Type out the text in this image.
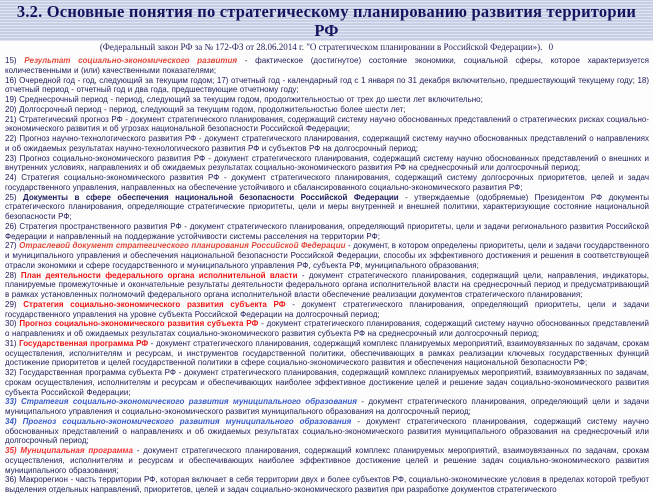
3.2. Основные понятия по стратегическому планированию развития территории РФ
(Федеральный закон РФ за № 172-ФЗ от 28.06.2014 г. "О стратегическом планировании в Российской Федерации»). 0

15) Результат социально-экономического развития - фактическое (достигнутое) состояние экономики, социальной сферы, которое характеризуется количественными и (или) качественными показателями;

16) Очередной год - год, следующий за текущим годом; 17) отчетный год - календарный год с 1 января по 31 декабря включительно, предшествующий текущему году; 18) отчетный период - отчетный год и два года, предшествующие отчетному году;

19) Среднесрочный период - период, следующий за текущим годом, продолжительностью от трех до шести лет включительно;

20) Долгосрочный период - период, следующий за текущим годом, продолжительностью более шести лет;

21) Стратегический прогноз РФ - документ стратегического планирования, содержащий систему научно обоснованных представлений о стратегических рисках социально-экономического развития и об угрозах национальной безопасности Российской Федерации;

22) Прогноз научно-технологического развития РФ - документ стратегического планирования, содержащий систему научно обоснованных представлений о направлениях и об ожидаемых результатах научно-технологического развития РФ и субъектов РФ на долгосрочный период;

23) Прогноз социально-экономического развития РФ - документ стратегического планирования, содержащий систему научно обоснованных представлений о внешних и внутренних условиях, направлениях и об ожидаемых результатах социально-экономического развития РФ на среднесрочный или долгосрочный период;

24) Стратегия социально-экономического развития РФ - документ стратегического планирования, содержащий систему долгосрочных приоритетов, целей и задач государственного управления, направленных на обеспечение устойчивого и сбалансированного социально-экономического развития РФ;

25) Документы в сфере обеспечения национальной безопасности Российской Федерации - утверждаемые (одобряемые) Президентом РФ документы стратегического планирования, определяющие стратегические приоритеты, цели и меры внутренней и внешней политики, характеризующие состояние национальной безопасности РФ;

26) Стратегия пространственного развития РФ - документ стратегического планирования, определяющий приоритеты, цели и задачи регионального развития Российской Федерации и направленный на поддержание устойчивости системы расселения на территории РФ;

27) Отраслевой документ стратегического планирования Российской Федерации - документ, в котором определены приоритеты, цели и задачи государственного и муниципального управления и обеспечения национальной безопасности Российской Федерации, способы их эффективного достижения и решения в соответствующей отрасли экономики и сфере государственного и муниципального управления РФ, субъекта РФ, муниципального образования;

28) План деятельности федерального органа исполнительной власти - документ стратегического планирования, содержащий цели, направления, индикаторы, планируемые промежуточные и окончательные результаты деятельности федерального органа исполнительной власти на среднесрочный период и предусматривающий в рамках установленных полномочий федерального органа исполнительной власти обеспечение реализации документов стратегического планирования;

29) Стратегия социально-экономического развития субъекта РФ - документ стратегического планирования, определяющий приоритеты, цели и задачи государственного управления на уровне субъекта Российской Федерации на долгосрочный период;

30) Прогноз социально-экономического развития субъекта РФ - документ стратегического планирования, содержащий систему научно обоснованных представлений о направлениях и об ожидаемых результатах социально-экономического развития субъекта РФ на среднесрочный или долгосрочный период;

31) Государственная программа РФ - документ стратегического планирования, содержащий комплекс планируемых мероприятий, взаимоувязанных по задачам, срокам осуществления, исполнителям и ресурсам, и инструментов государственной политики, обеспечивающих в рамках реализации ключевых государственных функций достижение приоритетов и целей государственной политики в сфере социально-экономического развития и обеспечения национальной безопасности РФ;

32) Государственная программа субъекта РФ - документ стратегического планирования, содержащий комплекс планируемых мероприятий, взаимоувязанных по задачам, срокам осуществления, исполнителям и ресурсам и обеспечивающих наиболее эффективное достижение целей и решение задач социально-экономического развития субъекта Российской Федерации;

33) Стратегия социально-экономического развития муниципального образования - документ стратегического планирования, определяющий цели и задачи муниципального управления и социально-экономического развития муниципального образования на долгосрочный период;

34) Прогноз социально-экономического развития муниципального образования - документ стратегического планирования, содержащий систему научно обоснованных представлений о направлениях и об ожидаемых результатах социально-экономического развития муниципального образования на среднесрочный или долгосрочный период;

35) Муниципальная программа - документ стратегического планирования, содержащий комплекс планируемых мероприятий, взаимоувязанных по задачам, срокам осуществления, исполнителям и ресурсам и обеспечивающих наиболее эффективное достижение целей и решение задач социально-экономического развития муниципального образования;

36) Макрорегион - часть территории РФ, которая включает в себя территории двух и более субъектов РФ, социально-экономические условия в пределах которой требуют выделения отдельных направлений, приоритетов, целей и задач социально-экономического развития при разработке документов стратегического
